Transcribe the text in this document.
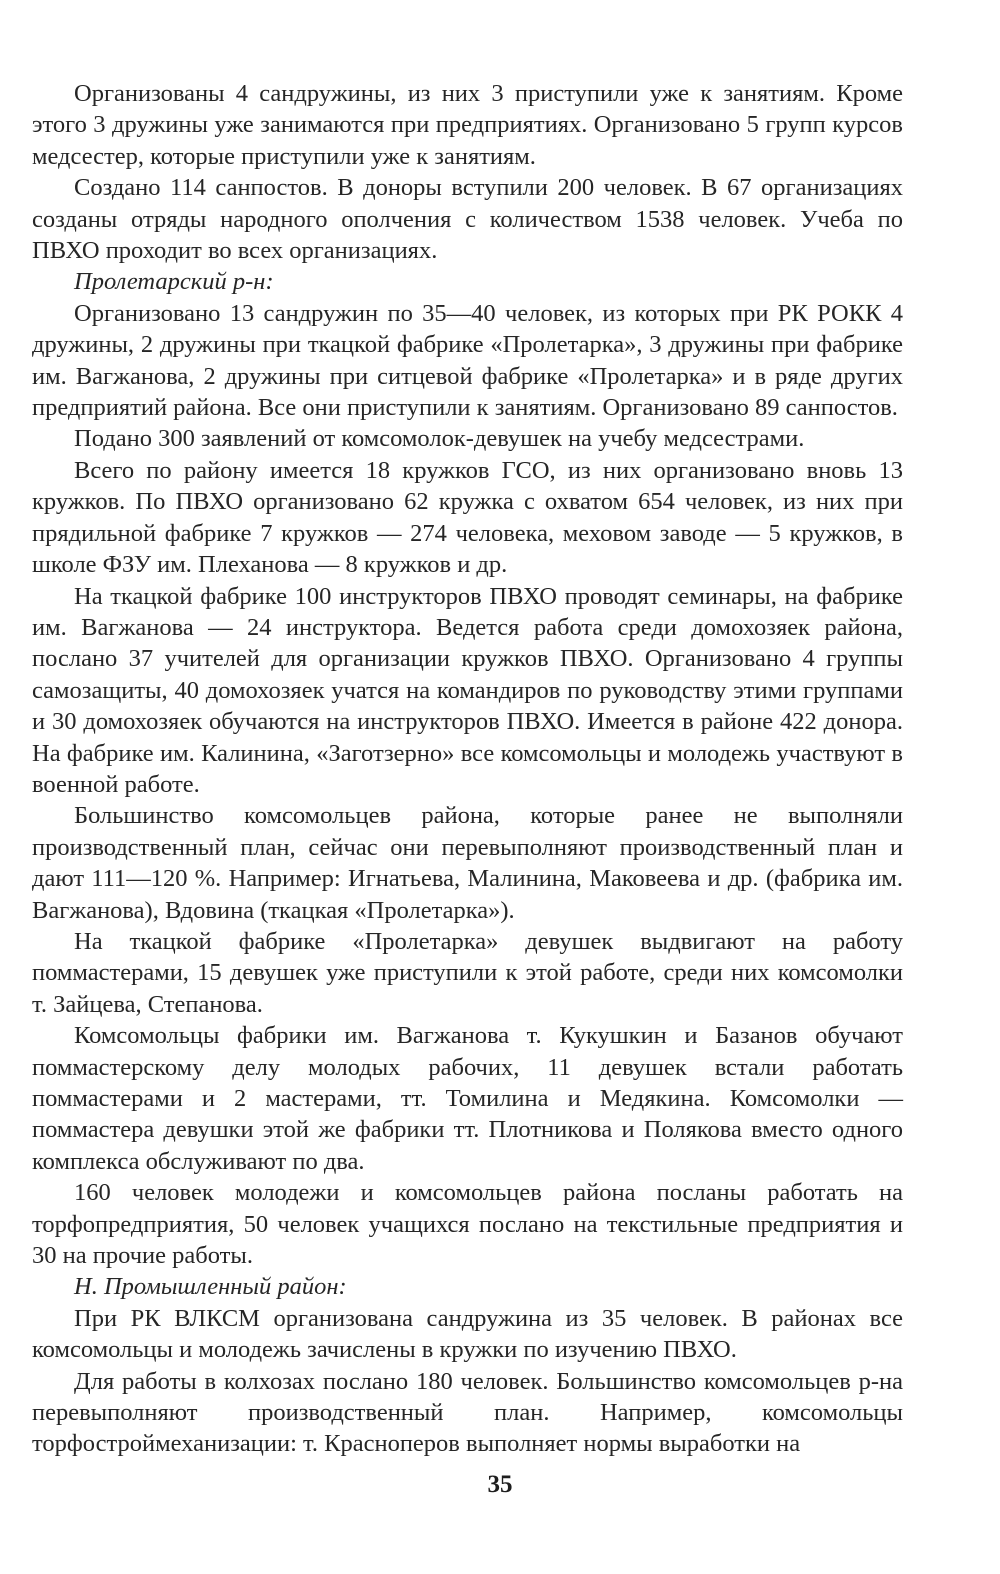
Организованы 4 сандружины, из них 3 приступили уже к занятиям. Кроме этого 3 дружины уже занимаются при предприятиях. Организовано 5 групп курсов медсестер, которые приступили уже к занятиям.

Создано 114 санпостов. В доноры вступили 200 человек. В 67 организациях созданы отряды народного ополчения с количеством 1538 человек. Учеба по ПВХО проходит во всех организациях.

Пролетарский р-н:

Организовано 13 сандружин по 35—40 человек, из которых при РК РОКК 4 дружины, 2 дружины при ткацкой фабрике «Пролетарка», 3 дружины при фабрике им. Вагжанова, 2 дружины при ситцевой фабрике «Пролетарка» и в ряде других предприятий района. Все они приступили к занятиям. Организовано 89 санпостов.

Подано 300 заявлений от комсомолок-девушек на учебу медсестрами.

Всего по району имеется 18 кружков ГСО, из них организовано вновь 13 кружков. По ПВХО организовано 62 кружка с охватом 654 человек, из них при прядильной фабрике 7 кружков — 274 человека, меховом заводе — 5 кружков, в школе ФЗУ им. Плеханова — 8 кружков и др.

На ткацкой фабрике 100 инструкторов ПВХО проводят семинары, на фабрике им. Вагжанова — 24 инструктора. Ведется работа среди домохозяек района, послано 37 учителей для организации кружков ПВХО. Организовано 4 группы самозащиты, 40 домохозяек учатся на командиров по руководству этими группами и 30 домохозяек обучаются на инструкторов ПВХО. Имеется в районе 422 донора. На фабрике им. Калинина, «Заготзерно» все комсомольцы и молодежь участвуют в военной работе.

Большинство комсомольцев района, которые ранее не выполняли производственный план, сейчас они перевыполняют производственный план и дают 111—120 %. Например: Игнатьева, Малинина, Маковеева и др. (фабрика им. Вагжанова), Вдовина (ткацкая «Пролетарка»).

На ткацкой фабрике «Пролетарка» девушек выдвигают на работу поммастерами, 15 девушек уже приступили к этой работе, среди них комсомолки т. Зайцева, Степанова.

Комсомольцы фабрики им. Вагжанова т. Кукушкин и Базанов обучают поммастерскому делу молодых рабочих, 11 девушек встали работать поммастерами и 2 мастерами, тт. Томилина и Медякина. Комсомолки — поммастера девушки этой же фабрики тт. Плотникова и Полякова вместо одного комплекса обслуживают по два.

160 человек молодежи и комсомольцев района посланы работать на торфопредприятия, 50 человек учащихся послано на текстильные предприятия и 30 на прочие работы.

Н. Промышленный район:

При РК ВЛКСМ организована сандружина из 35 человек. В районах все комсомольцы и молодежь зачислены в кружки по изучению ПВХО.

Для работы в колхозах послано 180 человек. Большинство комсомольцев р-на перевыполняют производственный план. Например, комсомольцы торфостроймеханизации: т. Красноперов выполняет нормы выработки на

35
